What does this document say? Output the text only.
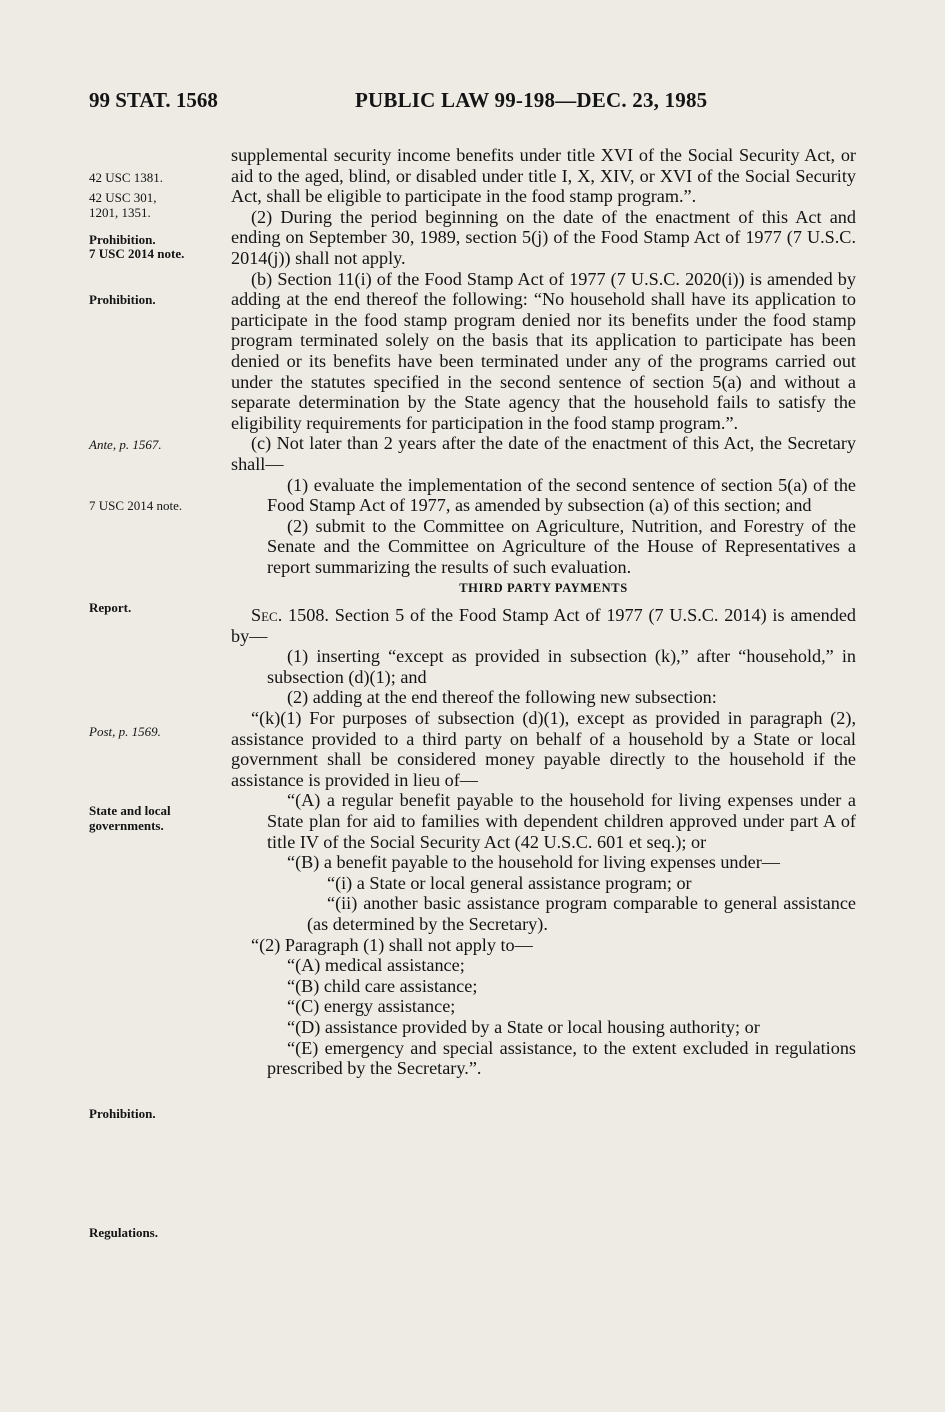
99 STAT. 1568	PUBLIC LAW 99-198—DEC. 23, 1985
42 USC 1381.
42 USC 301,
1201, 1351.
Prohibition.
7 USC 2014 note.
Prohibition.
Ante, p. 1567.
7 USC 2014 note.
Report.
Post, p. 1569.
State and local
governments.
Prohibition.
Regulations.

supplemental security income benefits under title XVI of the Social Security Act, or aid to the aged, blind, or disabled under title I, X, XIV, or XVI of the Social Security Act, shall be eligible to participate in the food stamp program.”.

(2) During the period beginning on the date of the enactment of this Act and ending on September 30, 1989, section 5(j) of the Food Stamp Act of 1977 (7 U.S.C. 2014(j)) shall not apply.

(b) Section 11(i) of the Food Stamp Act of 1977 (7 U.S.C. 2020(i)) is amended by adding at the end thereof the following: “No household shall have its application to participate in the food stamp program denied nor its benefits under the food stamp program terminated solely on the basis that its application to participate has been denied or its benefits have been terminated under any of the programs carried out under the statutes specified in the second sentence of section 5(a) and without a separate determination by the State agency that the household fails to satisfy the eligibility requirements for participation in the food stamp program.”.

(c) Not later than 2 years after the date of the enactment of this Act, the Secretary shall—

(1) evaluate the implementation of the second sentence of section 5(a) of the Food Stamp Act of 1977, as amended by subsection (a) of this section; and

(2) submit to the Committee on Agriculture, Nutrition, and Forestry of the Senate and the Committee on Agriculture of the House of Representatives a report summarizing the results of such evaluation.

THIRD PARTY PAYMENTS

Sec. 1508. Section 5 of the Food Stamp Act of 1977 (7 U.S.C. 2014) is amended by—

(1) inserting “except as provided in subsection (k),” after “household,” in subsection (d)(1); and

(2) adding at the end thereof the following new subsection:

“(k)(1) For purposes of subsection (d)(1), except as provided in paragraph (2), assistance provided to a third party on behalf of a household by a State or local government shall be considered money payable directly to the household if the assistance is provided in lieu of—

“(A) a regular benefit payable to the household for living expenses under a State plan for aid to families with dependent children approved under part A of title IV of the Social Security Act (42 U.S.C. 601 et seq.); or

“(B) a benefit payable to the household for living expenses under—

“(i) a State or local general assistance program; or

“(ii) another basic assistance program comparable to general assistance (as determined by the Secretary).

“(2) Paragraph (1) shall not apply to—

“(A) medical assistance;

“(B) child care assistance;

“(C) energy assistance;

“(D) assistance provided by a State or local housing authority; or

“(E) emergency and special assistance, to the extent excluded in regulations prescribed by the Secretary.”.
